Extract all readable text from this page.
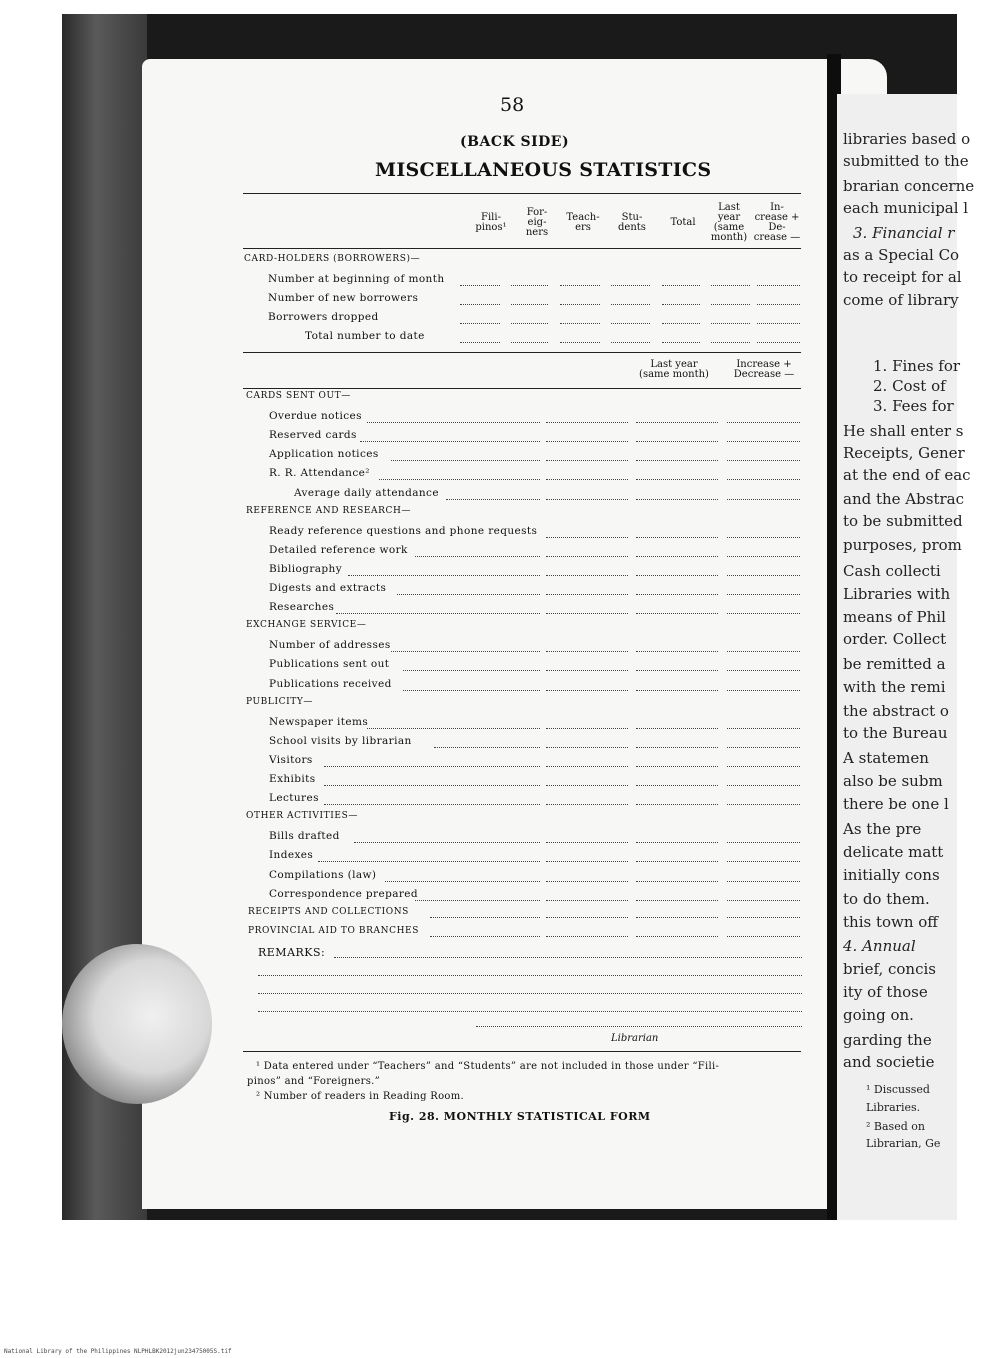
58
(BACK SIDE)
MISCELLANEOUS STATISTICS
Fili-
pinos¹
For-
eig-
ners
Teach-
ers
Stu-
dents	Total
Last
year
(same
month)
In-
crease +
De-
crease —
CARD-HOLDERS (BORROWERS)—
Number at beginning of month
Number of new borrowers
Borrowers dropped
Total number to date
Last year
(same month)
Increase +
Decrease —
CARDS SENT OUT—
Overdue notices
Reserved cards
Application notices
R. R. Attendance²
Average daily attendance
REFERENCE AND RESEARCH—
Ready reference questions and phone requests
Detailed reference work
Bibliography
Digests and extracts
Researches
EXCHANGE SERVICE—
Number of addresses
Publications sent out
Publications received
PUBLICITY—
Newspaper items
School visits by librarian
Visitors
Exhibits
Lectures
OTHER ACTIVITIES—
Bills drafted
Indexes
Compilations (law)
Correspondence prepared
RECEIPTS AND COLLECTIONS
PROVINCIAL AID TO BRANCHES
REMARKS:
Librarian
¹ Data entered under “Teachers” and “Students” are not included in those under “Fili-
pinos” and “Foreigners.”
² Number of readers in Reading Room.
Fig. 28. MONTHLY STATISTICAL FORM
libraries based o
submitted to the
brarian concerne
each municipal l
3. Financial r
as a Special Co
to receipt for al
come of library
1. Fines for
2. Cost of
3. Fees for
He shall enter s
Receipts, Gener
at the end of eac
and the Abstrac
to be submitted
purposes, prom
Cash collecti
Libraries with
means of Phil
order. Collect
be remitted a
with the remi
the abstract o
to the Bureau
A statemen
also be subm
there be one l
As the pre
delicate matt
initially cons
to do them.
this town off
4. Annual
brief, concis
ity of those
going on.
garding the
and societie
¹ Discussed
Libraries.
² Based on
Librarian, Ge
National Library of the Philippines NLPHLBK2012jun23475005S.tif
